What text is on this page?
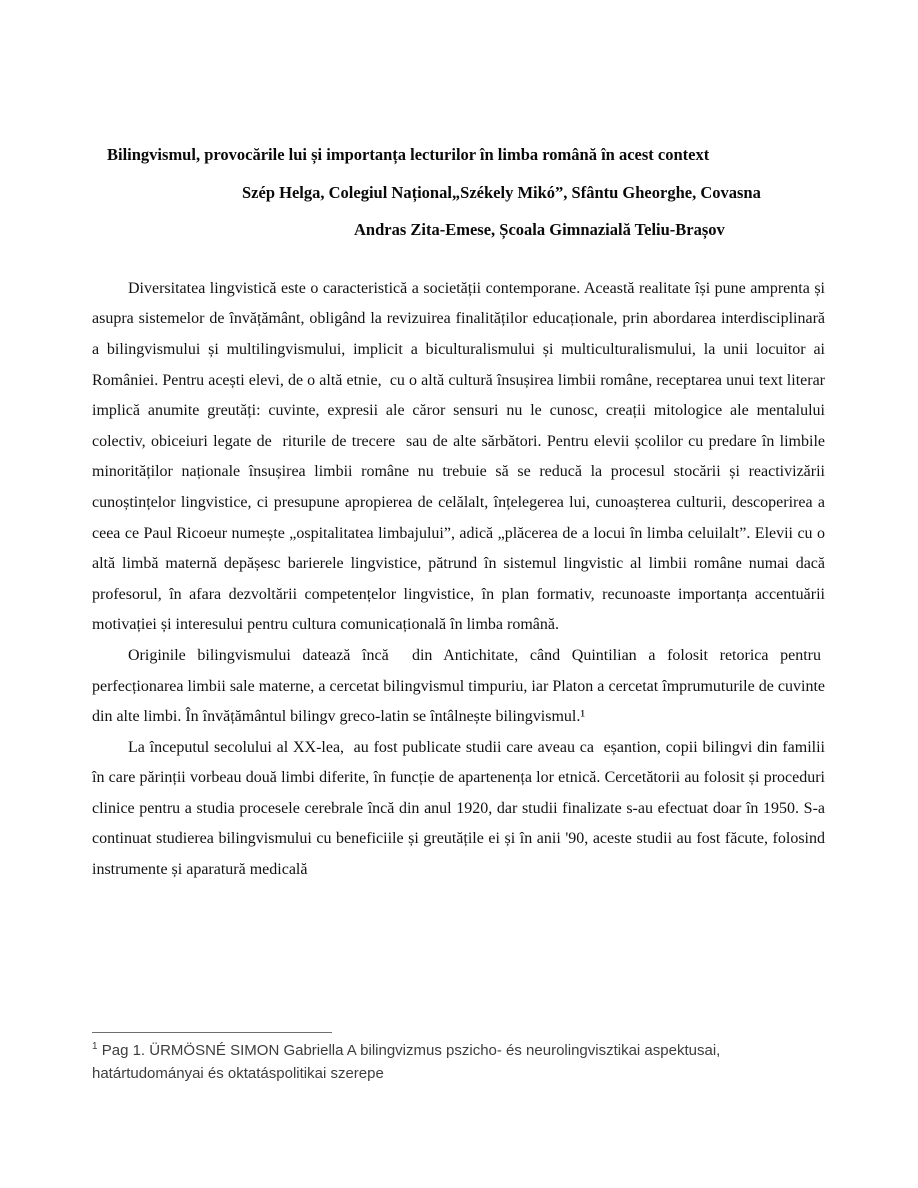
Bilingvismul, provocările lui și importanța lecturilor în limba română în acest context
Szép Helga, Colegiul Național„Székely Mikó”, Sfântu Gheorghe, Covasna
Andras Zita-Emese, Școala Gimnazială Teliu-Brașov

Diversitatea lingvistică este o caracteristică a societății contemporane. Această realitate își pune amprenta și asupra sistemelor de învățământ, obligând la revizuirea finalităților educaționale, prin abordarea interdisciplinară a bilingvismului și multilingvismului, implicit a biculturalismului și multiculturalismului, la unii locuitor ai României. Pentru acești elevi, de o altă etnie,  cu o altă cultură însușirea limbii române, receptarea unui text literar implică anumite greutăți: cuvinte, expresii ale căror sensuri nu le cunosc, creații mitologice ale mentalului colectiv, obiceiuri legate de  riturile de trecere  sau de alte sărbători. Pentru elevii școlilor cu predare în limbile minorităților naționale însușirea limbii române nu trebuie să se reducă la procesul stocării și reactivizării cunoștințelor lingvistice, ci presupune apropierea de celălalt, înțelegerea lui, cunoașterea culturii, descoperirea a ceea ce Paul Ricoeur numește „ospitalitatea limbajului”, adică „plăcerea de a locui în limba celuilalt”. Elevii cu o altă limbă maternă depășesc barierele lingvistice, pătrund în sistemul lingvistic al limbii române numai dacă profesorul, în afara dezvoltării competențelor lingvistice, în plan formativ, recunoaste importanța accentuării motivației și interesului pentru cultura comunicațională în limba română.

Originile bilingvismului datează încă  din Antichitate, când Quintilian a folosit retorica pentru  perfecționarea limbii sale materne, a cercetat bilingvismul timpuriu, iar Platon a cercetat împrumuturile de cuvinte din alte limbi. În învățământul bilingv greco-latin se întâlnește bilingvismul.¹

La începutul secolului al XX-lea,  au fost publicate studii care aveau ca  eșantion, copii bilingvi din familii în care părinții vorbeau două limbi diferite, în funcție de apartenența lor etnică. Cercetătorii au folosit și proceduri clinice pentru a studia procesele cerebrale încă din anul 1920, dar studii finalizate s-au efectuat doar în 1950. S-a continuat studierea bilingvismului cu beneficiile și greutățile ei și în anii '90, aceste studii au fost făcute, folosind instrumente și aparatură medicală

$^1$ Pag 1. ÜRMÖSNÉ SIMON Gabriella A bilingvizmus pszicho- és neurolingvisztikai aspektusai, határtudományai és oktatáspolitikai szerepe
